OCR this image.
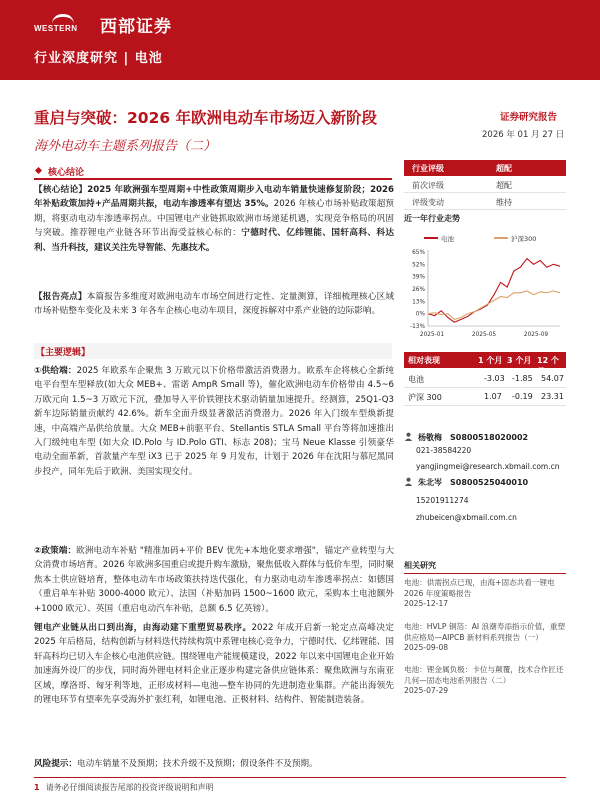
WESTERN 西部证券
行业深度研究 | 电池
重启与突破：2026 年欧洲电动车市场迈入新阶段
海外电动车主题系列报告（二）
证券研究报告
2026 年 01 月 27 日
核心结论
【核心结论】2025 年欧洲强车型周期+中性政策周期步入电动车销量快速修复阶段；2026 年补贴政策加持+产品周期共振，电动车渗透率有望达 35%。2026 年核心市场补贴政策超预期，将驱动电动车渗透率拐点。中国锂电产业链抓取欧洲市场递延机遇，实现竞争格局的巩固与突破。推荐锂电产业链各环节出海受益核心标的：宁德时代、亿纬锂能、国轩高科、科达利、当升科技，建议关注先导智能、先惠技术。
【报告亮点】本篇报告多维度对欧洲电动车市场空间进行定性、定量测算，详细梳理核心区域市场补贴整车变化及未来 3 年各车企核心电动车项目，深度拆解对中系产业链的边际影响。
【主要逻辑】
①供给端：2025 年欧系车企聚焦 3 万欧元以下价格带激活消费潜力。欧系车企将核心全新纯电平台型车型释放(如大众 MEB+、雷诺 AmpR Small 等)，催化欧洲电动车价格带由 4.5~6 万欧元向 1.5~3 万欧元下沉，叠加导入平价铁锂技术驱动销量加速提升。经测算，25Q1-Q3 新车边际销量贡献约 42.6%。新车全面升级显著激活消费潜力。2026 年入门级车型焕新提速，中高端产品供给放量。大众 MEB+前驱平台、Stellantis STLA Small 平台等将加速推出入门级纯电车型 (如大众 ID.Polo 与 ID.Polo GTI、标志 208)；宝马 Neue Klasse 引领豪华电动全面革新，首款量产车型 iX3 已于 2025 年 9 月发布，计划于 2026 年在沈阳与慕尼黑同步投产，同年先后于欧洲、美国实现交付。
②政策端：欧洲电动车补贴 "精准加码+平价 BEV 优先+本地化要求增强"，锚定产业转型与大众消费市场培育。2026 年欧洲多国重启或提升购车激励，聚焦低收入群体与低价车型，同时聚焦本土供应链培育，整体电动车市场政策扶持迭代强化，有力驱动电动车渗透率拐点：如德国（重启单车补贴 3000-4000 欧元）、法国（补贴加码 1500~1600 欧元，采购本土电池额外+1000 欧元）、英国（重启电动汽车补贴，总额 6.5 亿英镑）。
锂电产业链从出口到出海，由海动建下重塑贸易秩序。2022 年成开启新一轮定点高峰决定 2025 年后格局，结构创新与材料迭代持续构筑中系锂电核心竞争力，宁德时代、亿纬锂能、国轩高科均已切入车企核心电池供应链。围绕锂电产能规模建设，2022 年以来中国锂电企业开始加速海外设厂的步伐，同时海外锂电材料企业正逐步构建完备供应链体系：聚焦欧洲与东南亚区域，摩洛哥、匈牙利等地，正形成材料—电池—整车协同的先进制造业集群。产能出海领先的锂电环节有望率先享受海外扩张红利，如锂电池、正极材料、结构件、智能制造装备。
风险提示：电动车销量不及预期；技术升级不及预期；假设条件不及预期。
行业评级	超配
前次评级	超配
评级变动	维持
近一年行业走势
电池	沪深300
65%
52%
39%
26%
13%
0%
-13%
2025-01	2025-05	2025-09
相对表现	1 个月 3 个月 12 个月
电池	-3.03 -1.85 54.07
沪深 300	1.07 -0.19 23.31
杨敬梅 S0800518020002
021-38584220
yangjingmei@research.xbmail.com.cn
朱北岑 S0800525040010
15201911274
zhubeicen@xbmail.com.cn
相关研究
电池：供需拐点已现，由海+固态共看一锂电 2026 年度策略报告
2025-12-17
电池：HVLP 铜箔：AI 浪潮寿添指示价值，重塑供应格局—AIPCB 新材料系列报告（一）
2025-09-08
电池：锂金属负极：卡位与颠覆，技术合作匠还几何—固态电池系列报告（二）
2025-07-29
1 请务必仔细阅读报告尾部的投资评级说明和声明
